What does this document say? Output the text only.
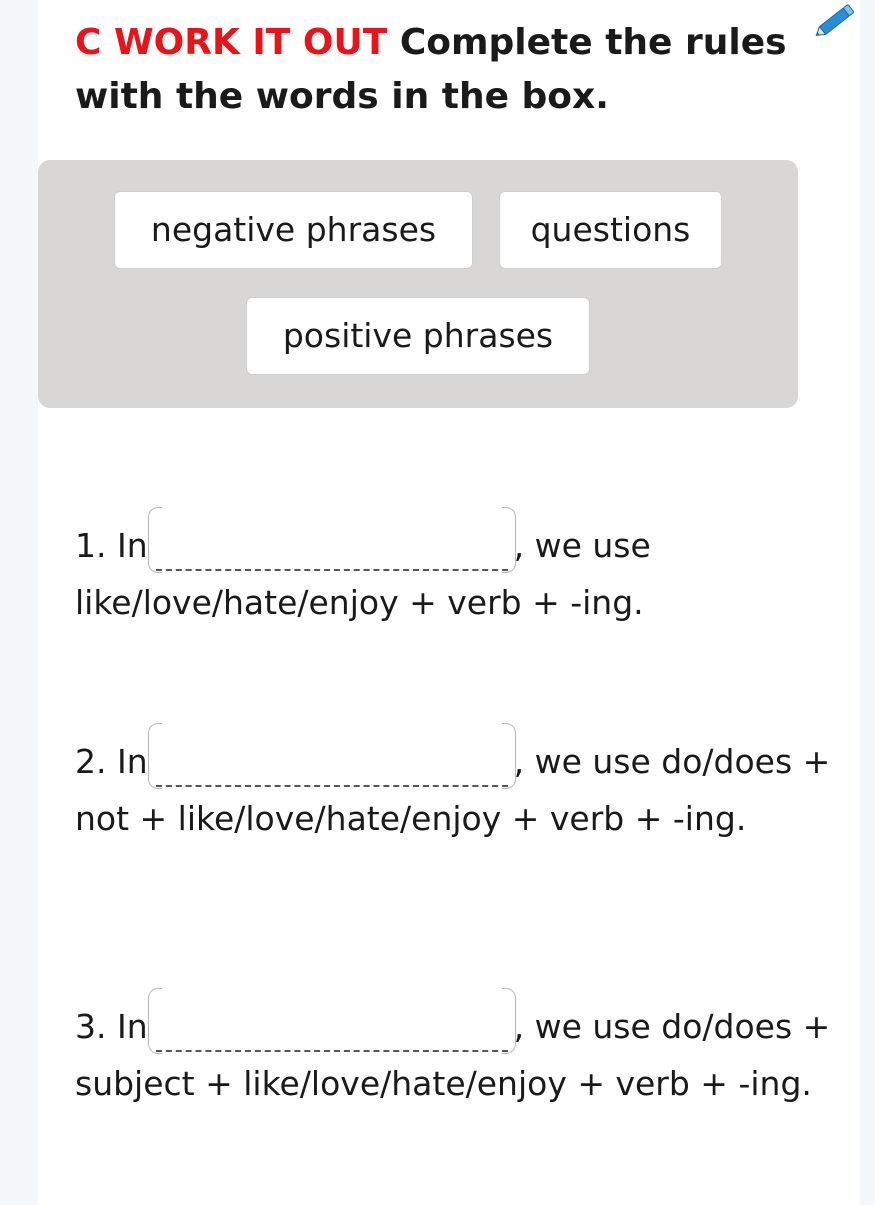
C WORK IT OUT Complete the rules with the words in the box.
negative phrases	questions
positive phrases
1. In	, we use like/love/hate/enjoy + verb + -ing.
2. In	, we use do/does + not + like/love/hate/enjoy + verb + -ing.
3. In	, we use do/does + subject + like/love/hate/enjoy + verb + -ing.
